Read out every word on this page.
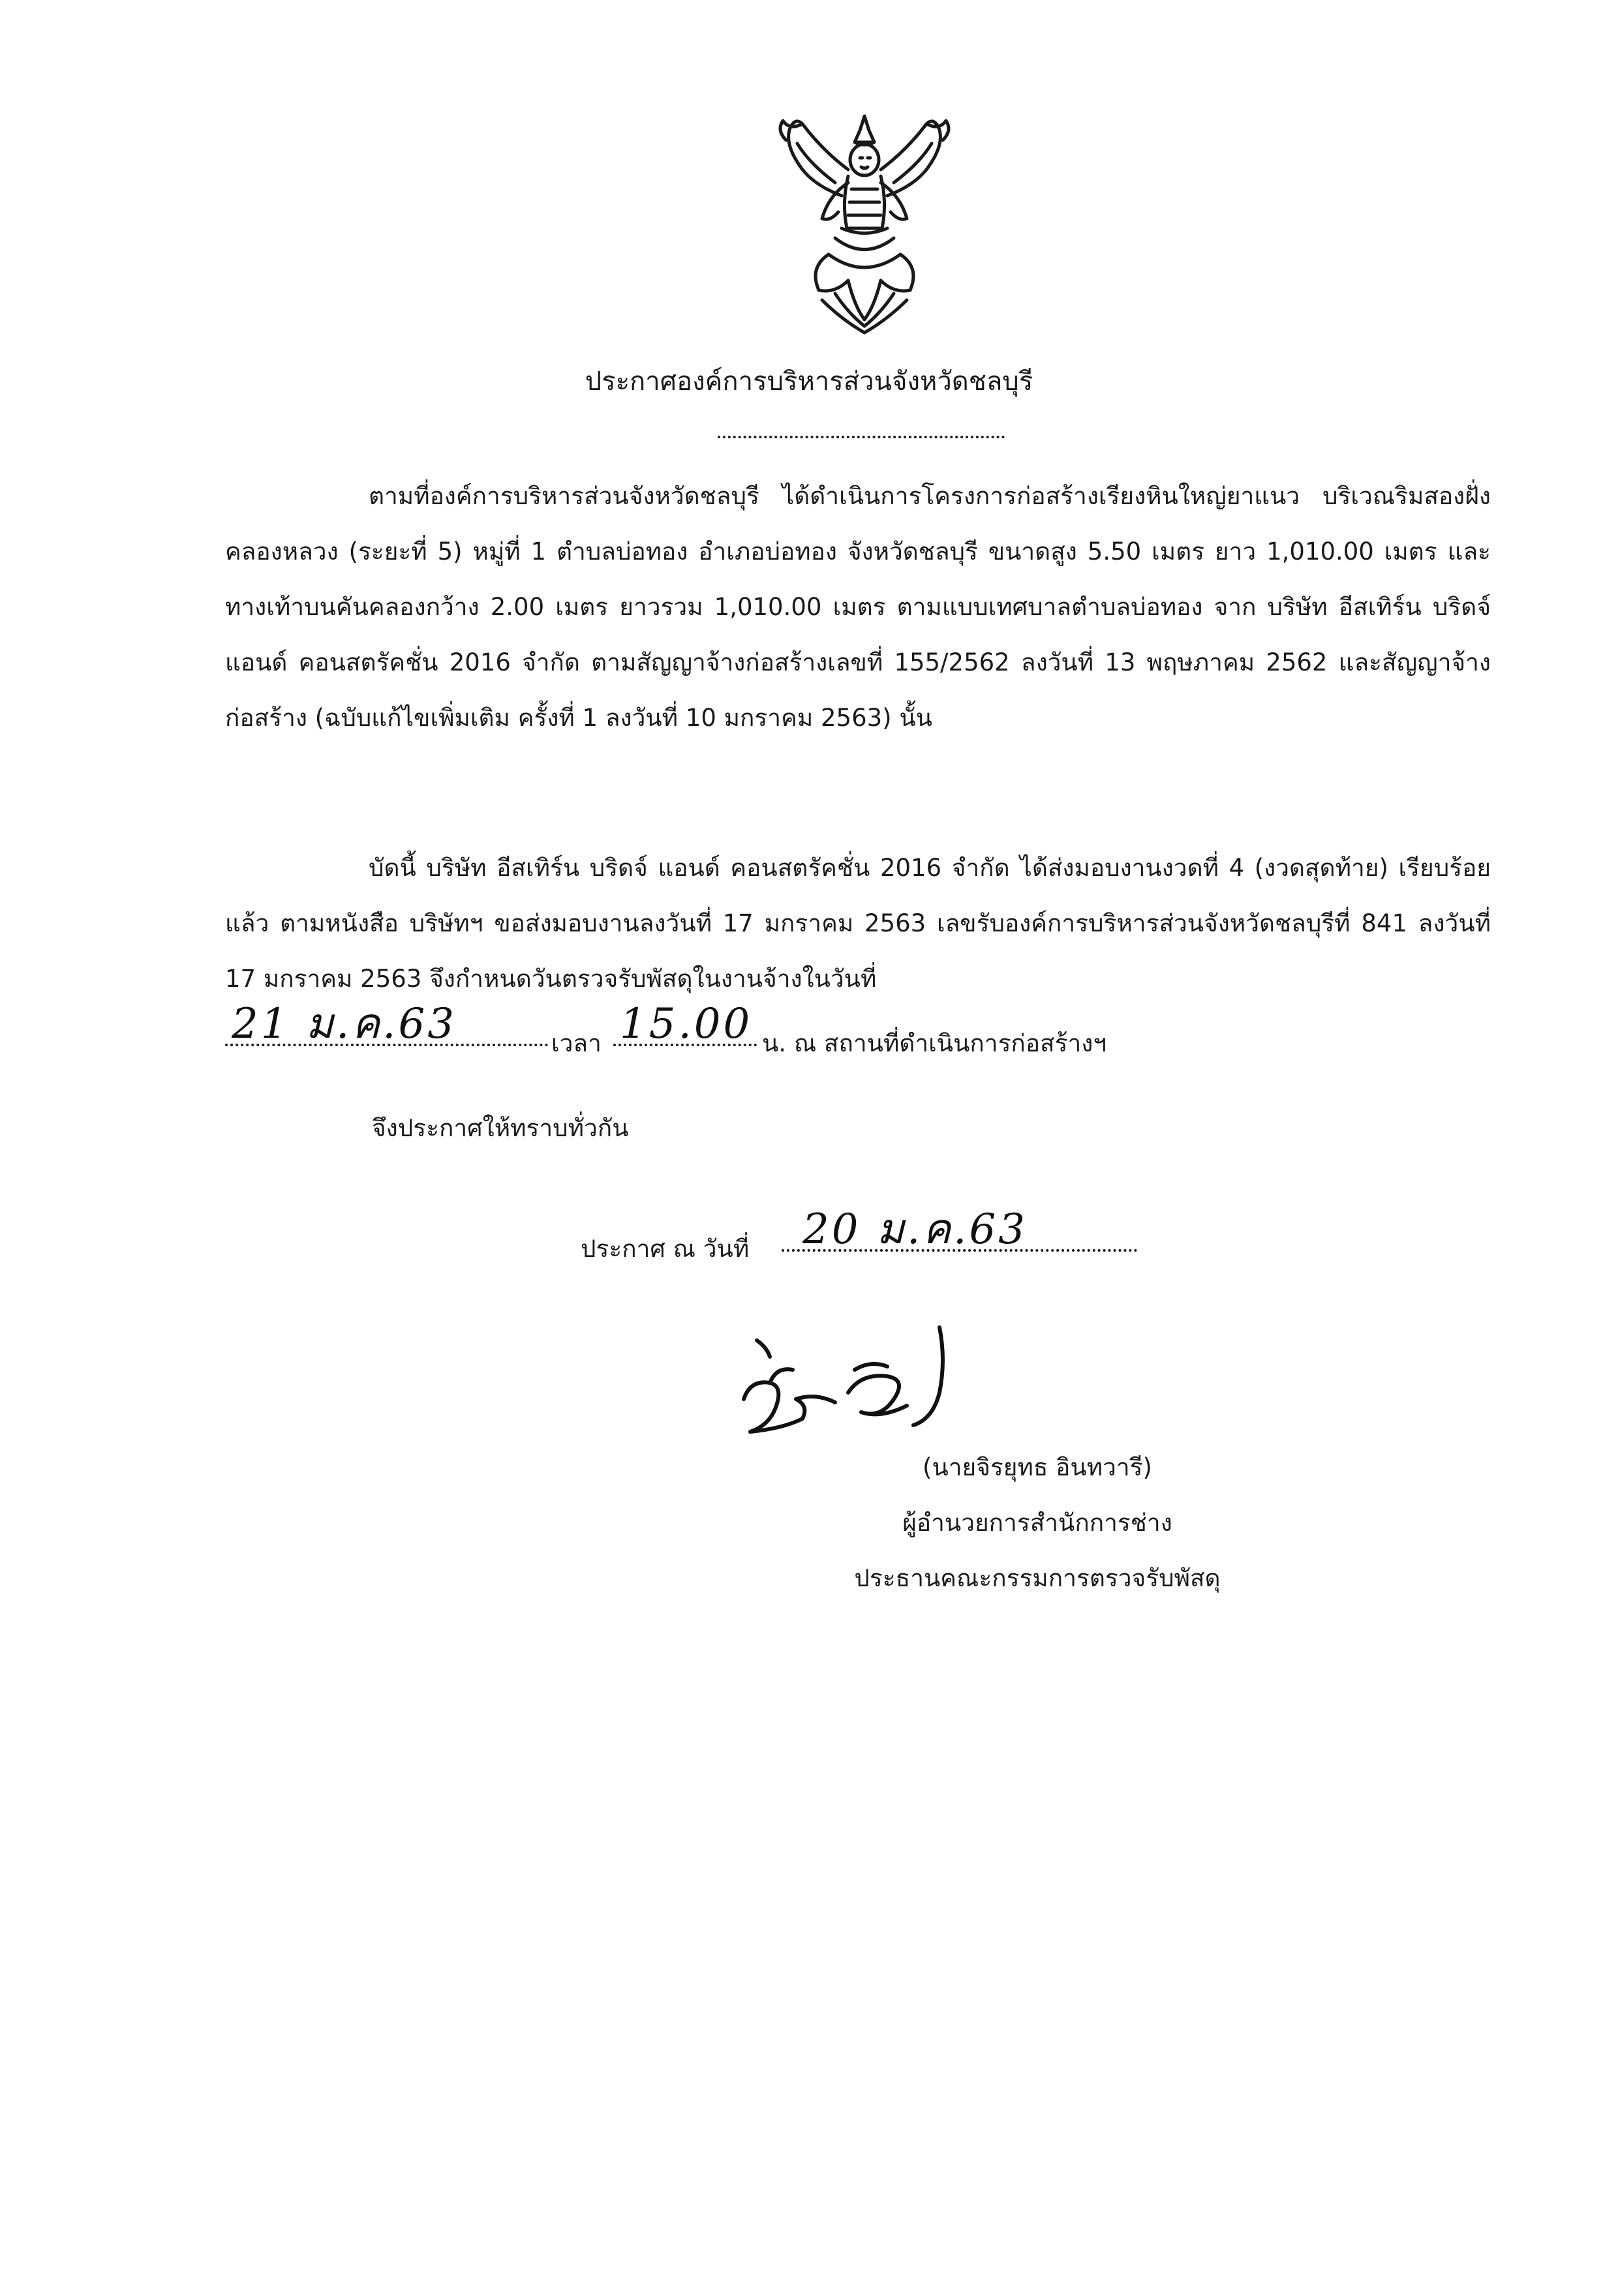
ประกาศองค์การบริหารส่วนจังหวัดชลบุรี

ตามที่องค์การบริหารส่วนจังหวัดชลบุรี ได้ดำเนินการโครงการก่อสร้างเรียงหินใหญ่ยาแนว บริเวณริมสองฝั่งคลองหลวง (ระยะที่ 5) หมู่ที่ 1 ตำบลบ่อทอง อำเภอบ่อทอง จังหวัดชลบุรี ขนาดสูง 5.50 เมตร ยาว 1,010.00 เมตร และทางเท้าบนคันคลองกว้าง 2.00 เมตร ยาวรวม 1,010.00 เมตร ตามแบบเทศบาลตำบลบ่อทอง จาก บริษัท อีสเทิร์น บริดจ์ แอนด์ คอนสตรัคชั่น 2016 จำกัด ตามสัญญาจ้างก่อสร้างเลขที่ 155/2562 ลงวันที่ 13 พฤษภาคม 2562 และสัญญาจ้างก่อสร้าง (ฉบับแก้ไขเพิ่มเติม ครั้งที่ 1 ลงวันที่ 10 มกราคม 2563) นั้น

บัดนี้ บริษัท อีสเทิร์น บริดจ์ แอนด์ คอนสตรัคชั่น 2016 จำกัด ได้ส่งมอบงานงวดที่ 4 (งวดสุดท้าย) เรียบร้อยแล้ว ตามหนังสือ บริษัทฯ ขอส่งมอบงานลงวันที่ 17 มกราคม 2563 เลขรับองค์การบริหารส่วนจังหวัดชลบุรีที่ 841 ลงวันที่ 17 มกราคม 2563 จึงกำหนดวันตรวจรับพัสดุในงานจ้างในวันที่

21 ม.ค.63	เวลา 15.00 น. ณ สถานที่ดำเนินการก่อสร้างฯ
จึงประกาศให้ทราบทั่วกัน
ประกาศ ณ วันที่ 20 ม.ค.63
(นายจิรยุทธ อินทวารี)
ผู้อำนวยการสำนักการช่าง
ประธานคณะกรรมการตรวจรับพัสดุ
